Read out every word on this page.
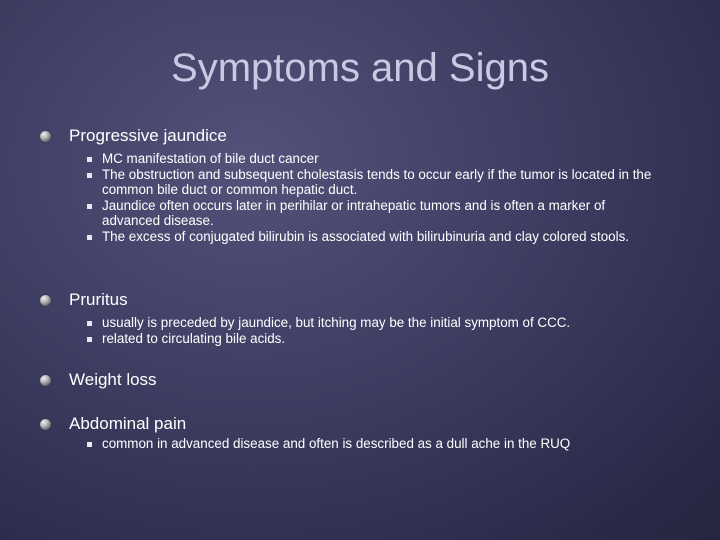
Symptoms and Signs
Progressive jaundice
MC manifestation of bile duct cancer
The obstruction and subsequent cholestasis tends to occur early if the tumor is located in the common bile duct or common hepatic duct.
Jaundice often occurs later in perihilar or intrahepatic tumors and is often a marker of advanced disease.
The excess of conjugated bilirubin is associated with bilirubinuria and clay colored stools.
Pruritus
usually is preceded by jaundice, but itching may be the initial symptom of CCC.
related to circulating bile acids.
Weight loss
Abdominal pain
common in advanced disease and often is described as a dull ache in the RUQ
